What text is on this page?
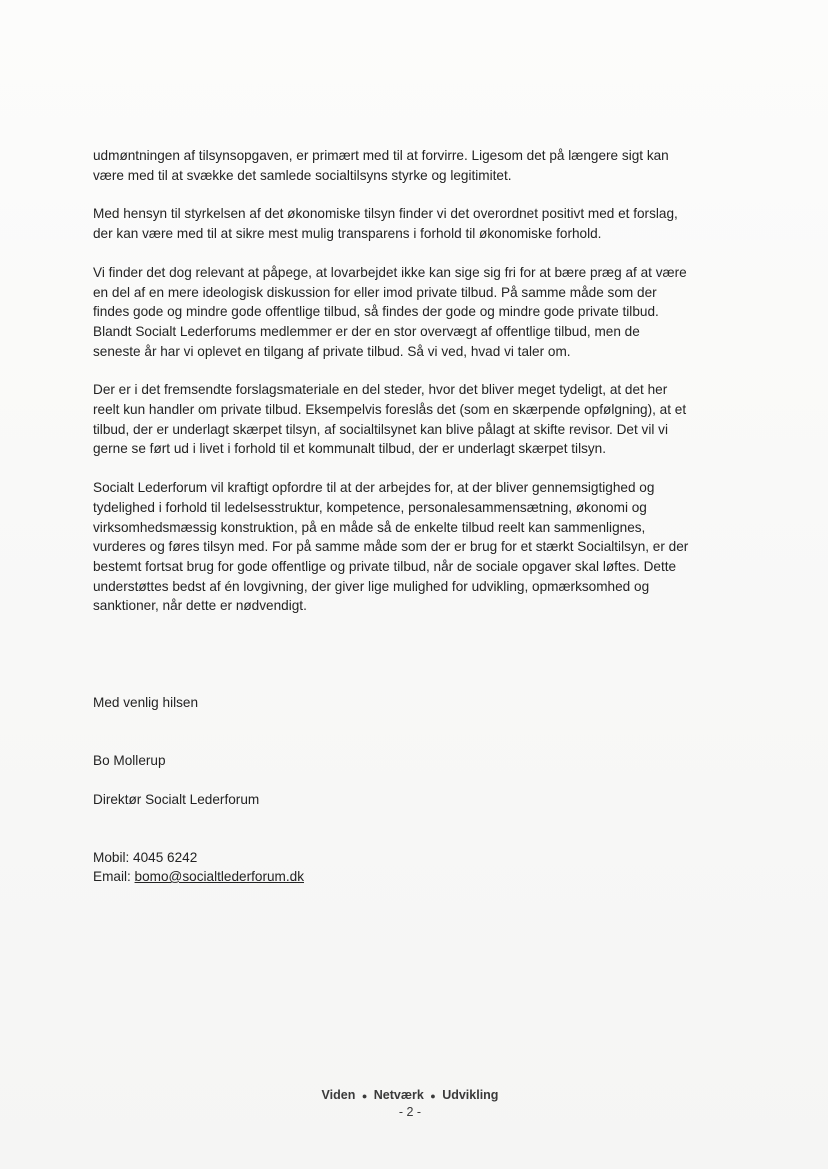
udmøntningen af tilsynsopgaven, er primært med til at forvirre. Ligesom det på længere sigt kan
være med til at svække det samlede socialtilsyns styrke og legitimitet.

Med hensyn til styrkelsen af det økonomiske tilsyn finder vi det overordnet positivt med et forslag,
der kan være med til at sikre mest mulig transparens i forhold til økonomiske forhold.

Vi finder det dog relevant at påpege, at lovarbejdet ikke kan sige sig fri for at bære præg af at være
en del af en mere ideologisk diskussion for eller imod private tilbud. På samme måde som der
findes gode og mindre gode offentlige tilbud, så findes der gode og mindre gode private tilbud.
Blandt Socialt Lederforums medlemmer er der en stor overvægt af offentlige tilbud, men de
seneste år har vi oplevet en tilgang af private tilbud. Så vi ved, hvad vi taler om.

Der er i det fremsendte forslagsmateriale en del steder, hvor det bliver meget tydeligt, at det her
reelt kun handler om private tilbud. Eksempelvis foreslås det (som en skærpende opfølgning), at et
tilbud, der er underlagt skærpet tilsyn, af socialtilsynet kan blive pålagt at skifte revisor. Det vil vi
gerne se ført ud i livet i forhold til et kommunalt tilbud, der er underlagt skærpet tilsyn.

Socialt Lederforum vil kraftigt opfordre til at der arbejdes for, at der bliver gennemsigtighed og
tydelighed i forhold til ledelsesstruktur, kompetence, personalesammensætning, økonomi og
virksomhedsmæssig konstruktion, på en måde så de enkelte tilbud reelt kan sammenlignes,
vurderes og føres tilsyn med. For på samme måde som der er brug for et stærkt Socialtilsyn, er der
bestemt fortsat brug for gode offentlige og private tilbud, når de sociale opgaver skal løftes. Dette
understøttes bedst af én lovgivning, der giver lige mulighed for udvikling, opmærksomhed og
sanktioner, når dette er nødvendigt.

Med venlig hilsen
Bo Mollerup
Direktør Socialt Lederforum
Mobil: 4045 6242
Email: bomo@socialtlederforum.dk
Viden ● Netværk ● Udvikling
- 2 -
